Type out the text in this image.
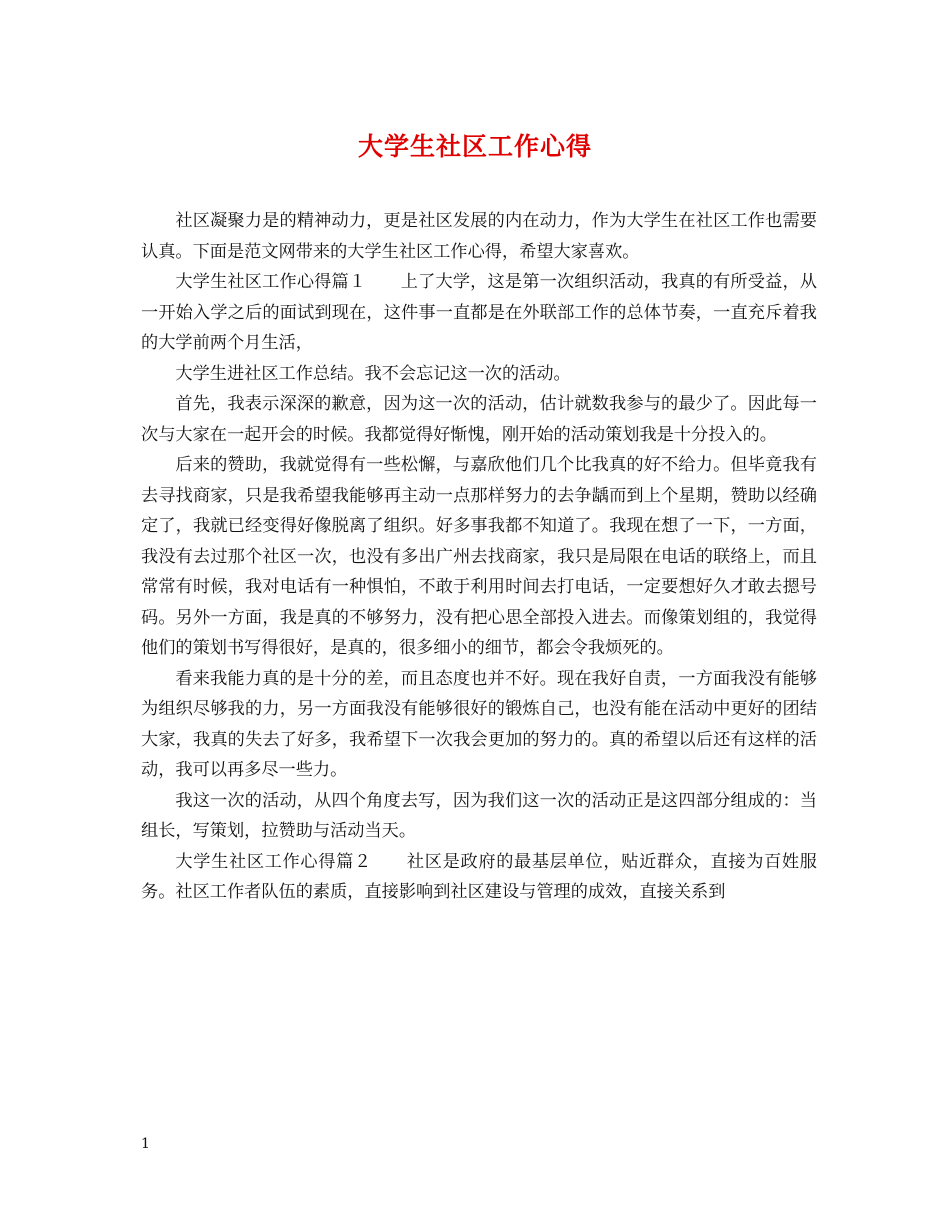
大学生社区工作心得

社区凝聚力是的精神动力，更是社区发展的内在动力，作为大学生在社区工作也需要认真。下面是范文网带来的大学生社区工作心得，希望大家喜欢。

大学生社区工作心得篇１ 上了大学，这是第一次组织活动，我真的有所受益，从一开始入学之后的面试到现在，这件事一直都是在外联部工作的总体节奏，一直充斥着我的大学前两个月生活，

大学生进社区工作总结。我不会忘记这一次的活动。

首先，我表示深深的歉意，因为这一次的活动，估计就数我参与的最少了。因此每一次与大家在一起开会的时候。我都觉得好惭愧，刚开始的活动策划我是十分投入的。

后来的赞助，我就觉得有一些松懈，与嘉欣他们几个比我真的好不给力。但毕竟我有去寻找商家，只是我希望我能够再主动一点那样努力的去争龋而到上个星期，赞助以经确定了，我就已经变得好像脱离了组织。好多事我都不知道了。我现在想了一下，一方面，我没有去过那个社区一次，也没有多出广州去找商家，我只是局限在电话的联络上，而且常常有时候，我对电话有一种惧怕，不敢于利用时间去打电话，一定要想好久才敢去摁号码。另外一方面，我是真的不够努力，没有把心思全部投入进去。而像策划组的，我觉得他们的策划书写得很好，是真的，很多细小的细节，都会令我烦死的。

看来我能力真的是十分的差，而且态度也并不好。现在我好自责，一方面我没有能够为组织尽够我的力，另一方面我没有能够很好的锻炼自己，也没有能在活动中更好的团结大家，我真的失去了好多，我希望下一次我会更加的努力的。真的希望以后还有这样的活动，我可以再多尽一些力。

我这一次的活动，从四个角度去写，因为我们这一次的活动正是这四部分组成的：当组长，写策划，拉赞助与活动当天。

大学生社区工作心得篇２ 社区是政府的最基层单位，贴近群众，直接为百姓服务。社区工作者队伍的素质，直接影响到社区建设与管理的成效，直接关系到

1
